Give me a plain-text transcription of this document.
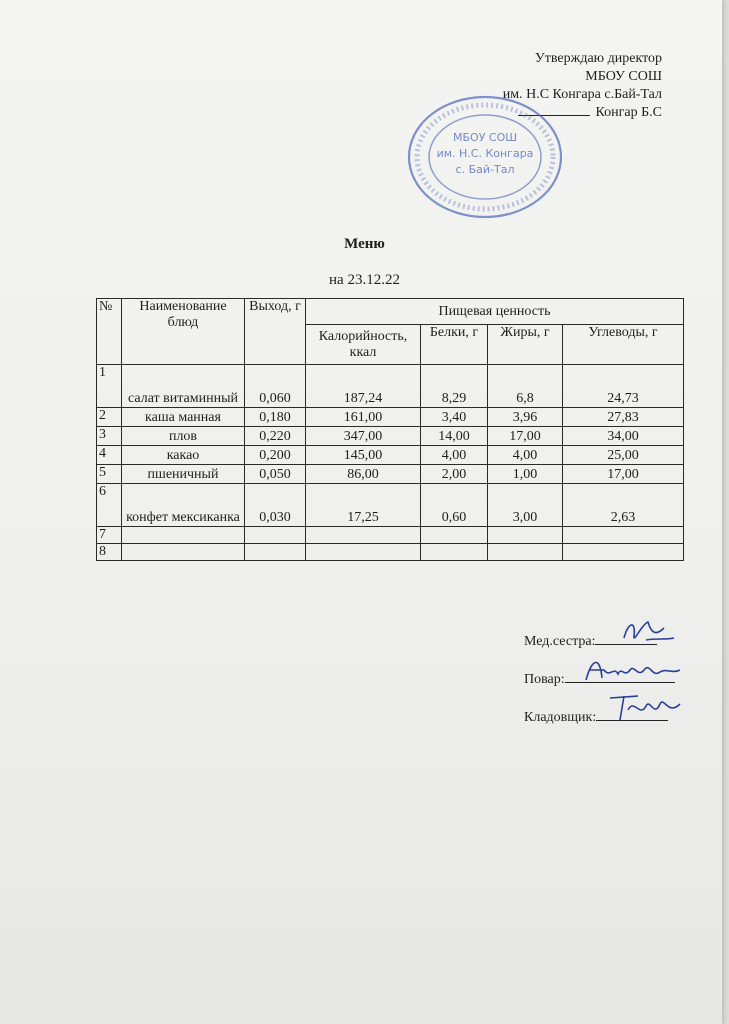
Утверждаю директор
МБОУ СОШ
им. Н.С Конгара с.Бай-Тал
Конгар Б.С
МБОУ СОШ
им. Н.С. Конгара
с. Бай-Тал
Меню
на 23.12.22
№	Наименование блюд	Выход, г	Пищевая ценность			
			Калорийность, ккал	Белки, г	Жиры, г	Углеводы, г
1	салат витаминный	0,060	187,24	8,29	6,8	24,73
2	каша манная	0,180	161,00	3,40	3,96	27,83
3	плов	0,220	347,00	14,00	17,00	34,00
4	какао	0,200	145,00	4,00	4,00	25,00
5	пшеничный	0,050	86,00	2,00	1,00	17,00
6	конфет мексиканка	0,030	17,25	0,60	3,00	2,63
7						
8						
Мед.сестра:
Повар:
Кладовщик:
